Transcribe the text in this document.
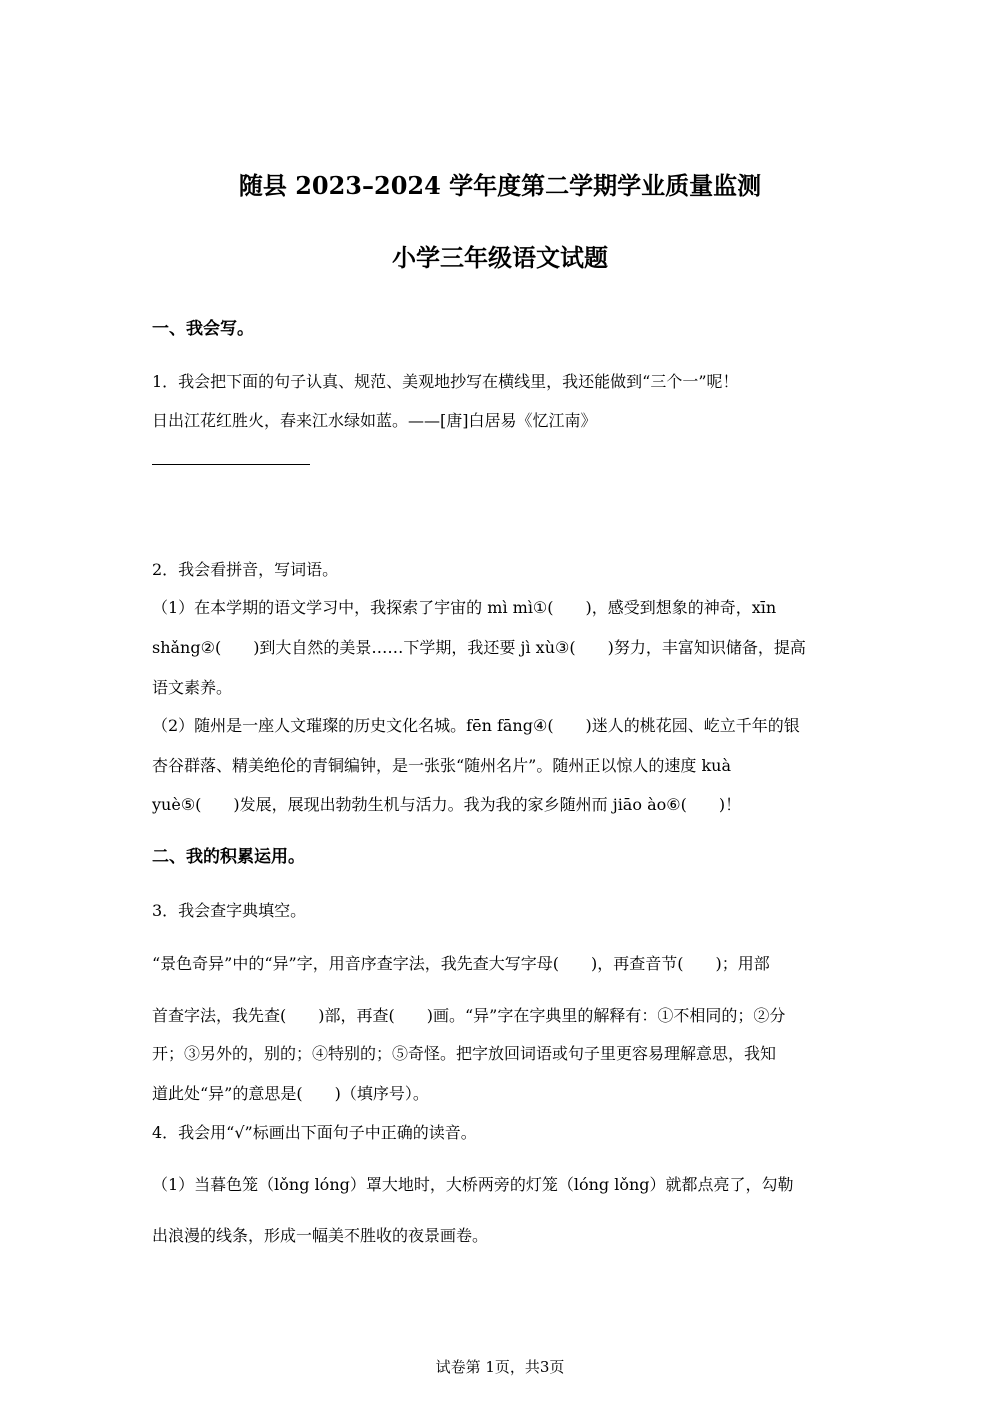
随县 2023–2024 学年度第二学期学业质量监测
小学三年级语文试题
一、我会写。
1．我会把下面的句子认真、规范、美观地抄写在横线里，我还能做到“三个一”呢！
日出江花红胜火，春来江水绿如蓝。——[唐]白居易《忆江南》
2．我会看拼音，写词语。
（1）在本学期的语文学习中，我探索了宇宙的 mì mì①(　　)，感受到想象的神奇，xīn
shǎng②(　　)到大自然的美景……下学期，我还要 jì xù③(　　)努力，丰富知识储备，提高
语文素养。
（2）随州是一座人文璀璨的历史文化名城。fēn fāng④(　　)迷人的桃花园、屹立千年的银
杏谷群落、精美绝伦的青铜编钟，是一张张“随州名片”。随州正以惊人的速度 kuà
yuè⑤(　　)发展，展现出勃勃生机与活力。我为我的家乡随州而 jiāo ào⑥(　　)！
二、我的积累运用。
3．我会查字典填空。
“景色奇异”中的“异”字，用音序查字法，我先查大写字母(　　)，再查音节(　　)；用部
首查字法，我先查(　　)部，再查(　　)画。“异”字在字典里的解释有：①不相同的；②分
开；③另外的，别的；④特别的；⑤奇怪。把字放回词语或句子里更容易理解意思，我知
道此处“异”的意思是(　　)（填序号）。
4．我会用“√”标画出下面句子中正确的读音。
（1）当暮色笼（lǒng lóng）罩大地时，大桥两旁的灯笼（lóng lǒng）就都点亮了，勾勒
出浪漫的线条，形成一幅美不胜收的夜景画卷。
试卷第 1页，共3页
